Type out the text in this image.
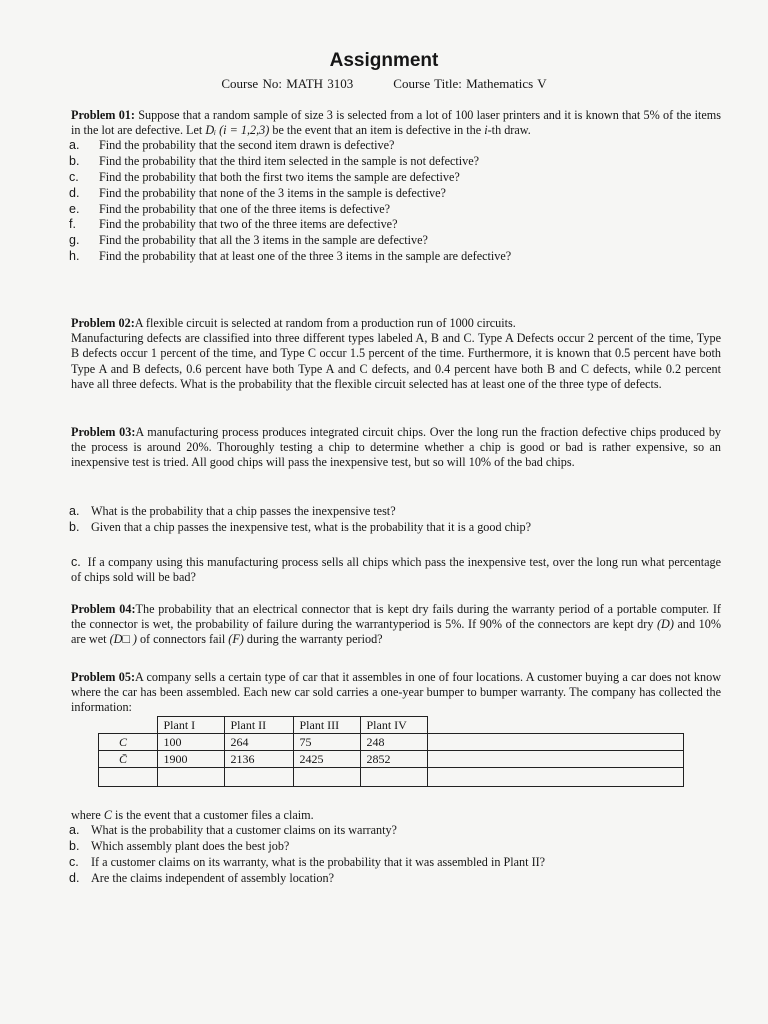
Assignment
Course No: MATH 3103	Course Title: Mathematics V

Problem 01: Suppose that a random sample of size 3 is selected from a lot of 100 laser printers and it is known that 5% of the items in the lot are defective. Let Dᵢ (i = 1,2,3) be the event that an item is defective in the i-th draw.

a.	Find the probability that the second item drawn is defective?
b.	Find the probability that the third item selected in the sample is not defective?
c.	Find the probability that both the first two items the sample are defective?
d.	Find the probability that none of the 3 items in the sample is defective?
e.	Find the probability that one of the three items is defective?
f.	Find the probability that two of the three items are defective?
g.	Find the probability that all the 3 items in the sample are defective?
h.	Find the probability that at least one of the three 3 items in the sample are defective?

Problem 02:A flexible circuit is selected at random from a production run of 1000 circuits.

Manufacturing defects are classified into three different types labeled A, B and C. Type A Defects occur 2 percent of the time, Type B defects occur 1 percent of the time, and Type C occur 1.5 percent of the time. Furthermore, it is known that 0.5 percent have both Type A and B defects, 0.6 percent have both Type A and C defects, and 0.4 percent have both B and C defects, while 0.2 percent have all three defects. What is the probability that the flexible circuit selected has at least one of the three type of defects.

Problem 03:A manufacturing process produces integrated circuit chips. Over the long run the fraction defective chips produced by the process is around 20%. Thoroughly testing a chip to determine whether a chip is good or bad is rather expensive, so an inexpensive test is tried. All good chips will pass the inexpensive test, but so will 10% of the bad chips.

a. What is the probability that a chip passes the inexpensive test?
b. Given that a chip passes the inexpensive test, what is the probability that it is a good chip?

c. If a company using this manufacturing process sells all chips which pass the inexpensive test, over the long run what percentage of chips sold will be bad?

Problem 04:The probability that an electrical connector that is kept dry fails during the warranty period of a portable computer. If the connector is wet, the probability of failure during the warrantyperiod is 5%. If 90% of the connectors are kept dry (D) and 10% are wet (D□ ) of connectors fail (F) during the warranty period?

Problem 05:A company sells a certain type of car that it assembles in one of four locations. A customer buying a car does not know where the car has been assembled. Each new car sold carries a one-year bumper to bumper warranty. The company has collected the information:

	Plant I	Plant II	Plant III	Plant IV	
C	100	264	75	248	
C̄	1900	2136	2425	2852	

where C is the event that a customer files a claim.

a. What is the probability that a customer claims on its warranty?
b. Which assembly plant does the best job?
c.	If a customer claims on its warranty, what is the probability that it was assembled in Plant II?
d. Are the claims independent of assembly location?
